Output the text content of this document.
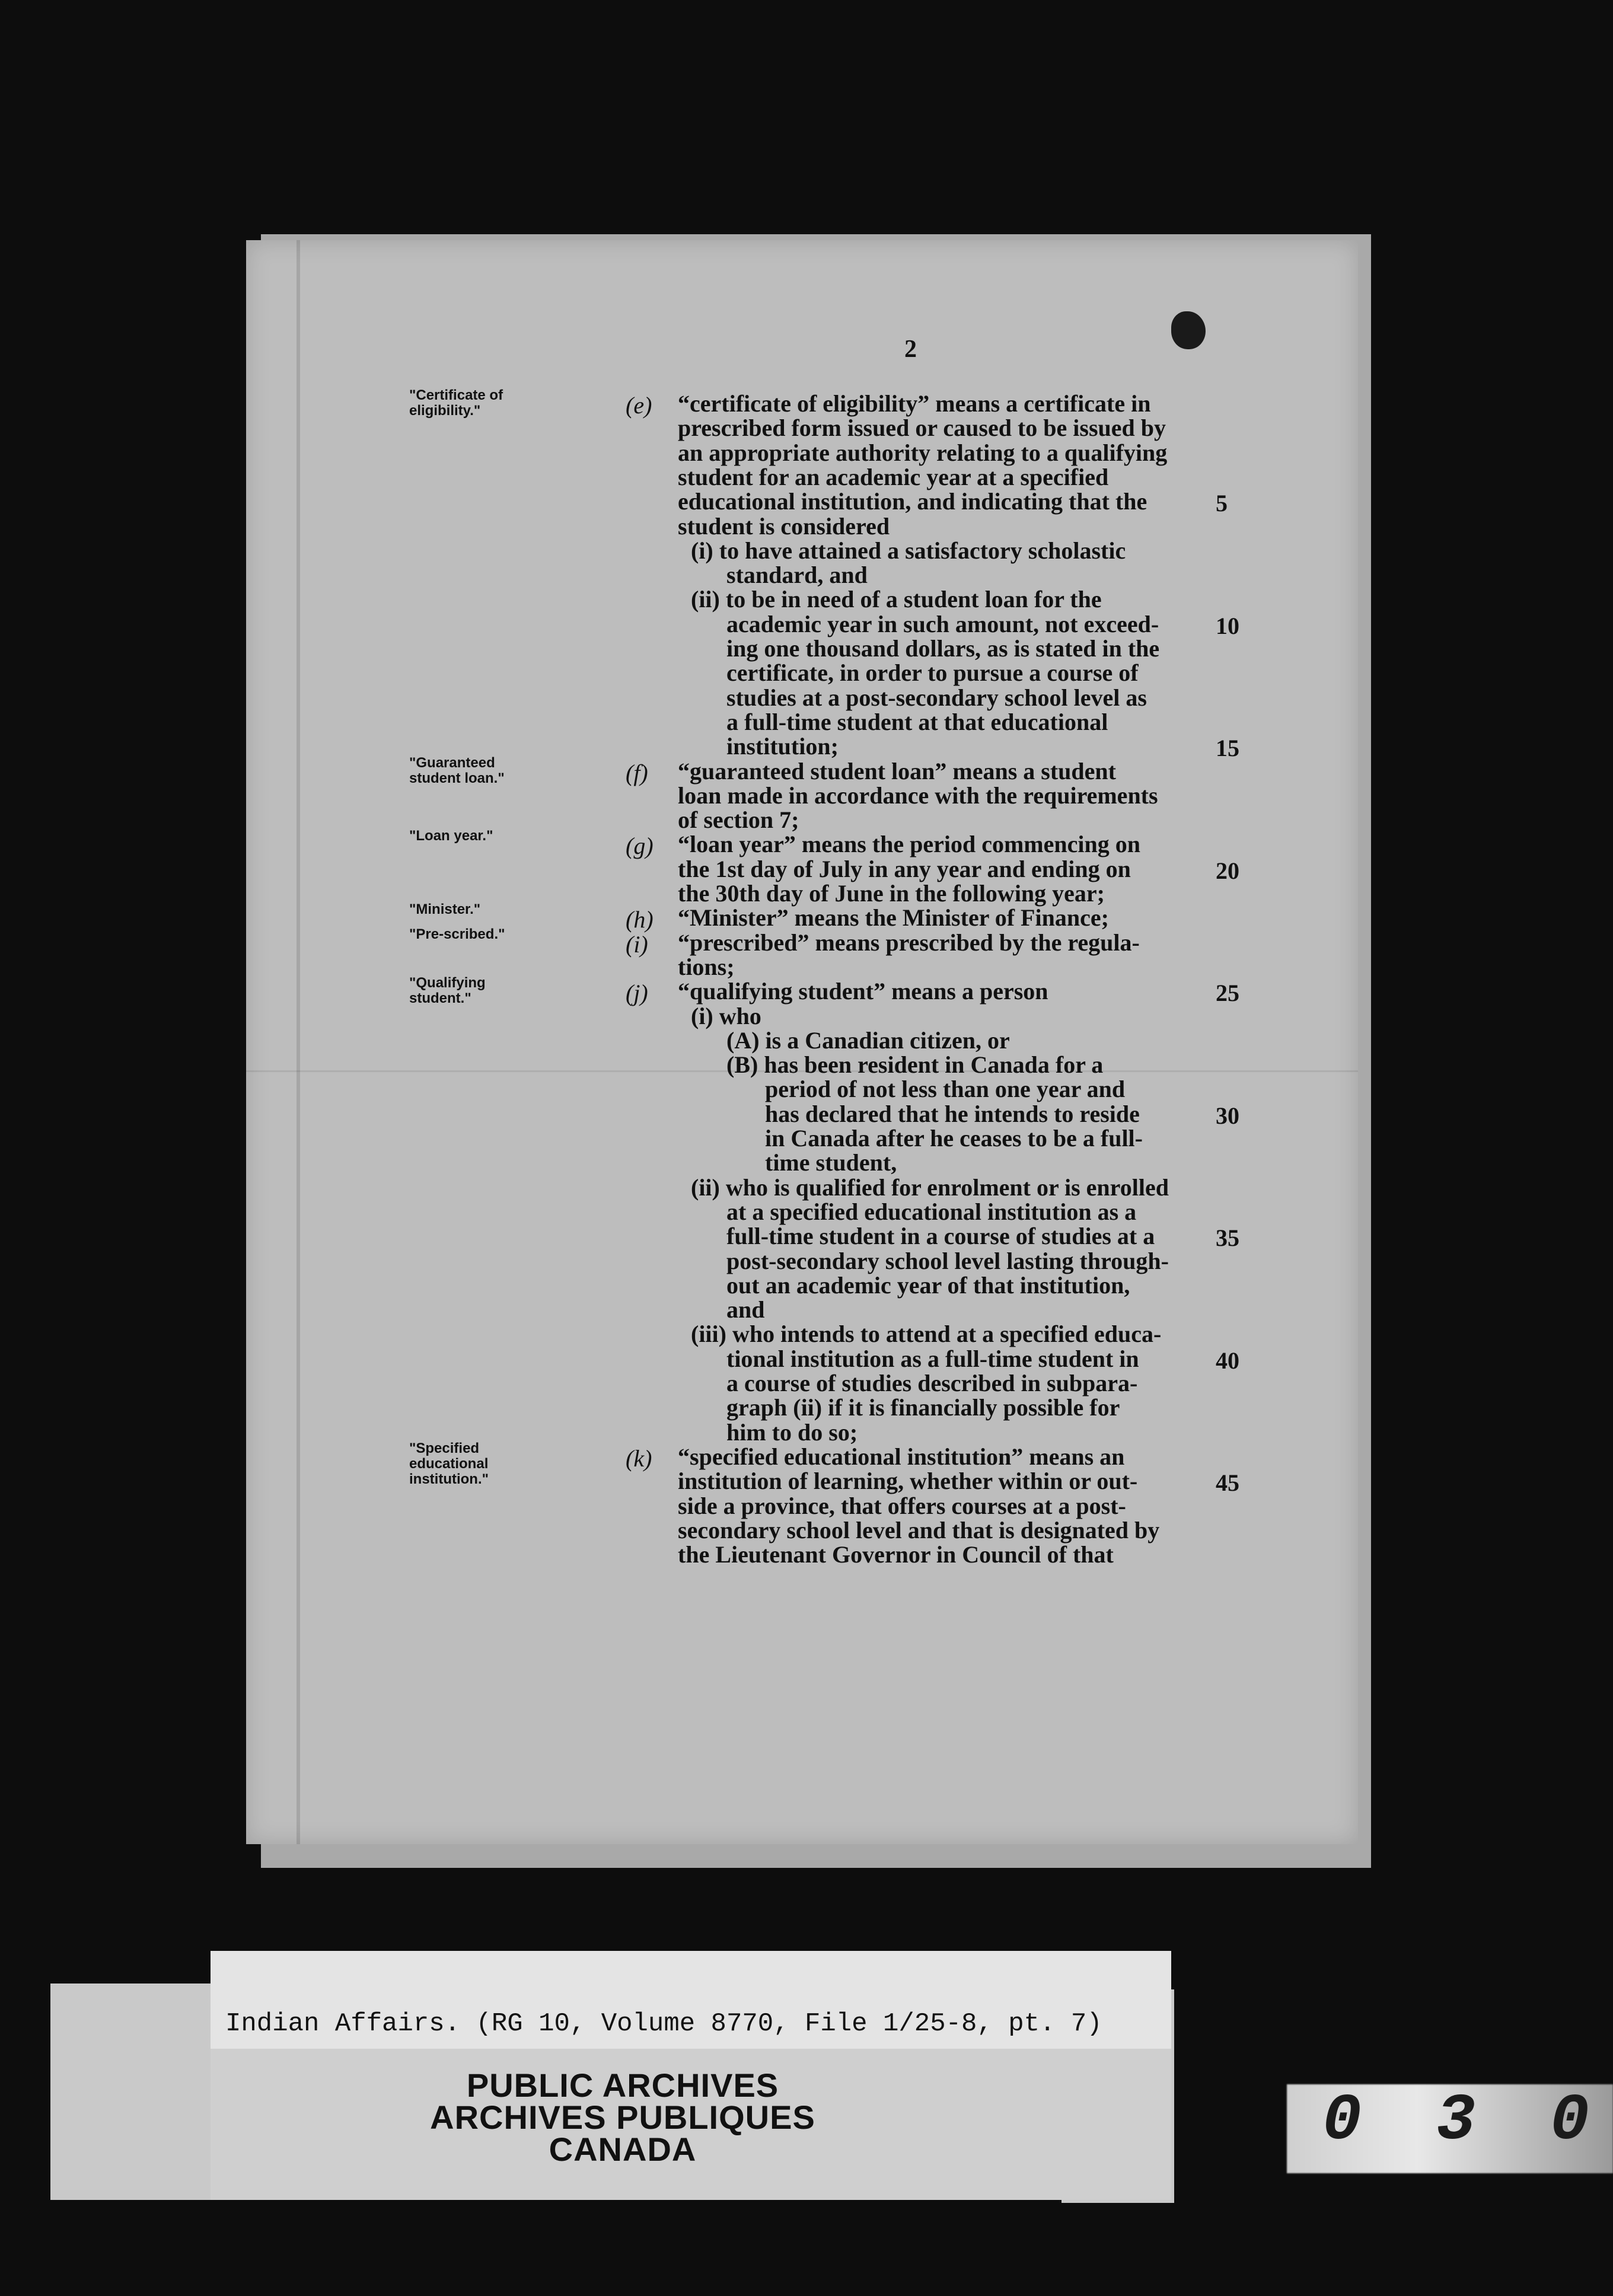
2
"Certificate of eligibility."	(e) “certificate of eligibility” means a certificate in
prescribed form issued or caused to be issued by
an appropriate authority relating to a qualifying
student for an academic year at a specified
educational institution, and indicating that the
student is considered
(i) to have attained a satisfactory scholastic
standard, and
(ii) to be in need of a student loan for the
academic year in such amount, not exceed-
ing one thousand dollars, as is stated in the
certificate, in order to pursue a course of
studies at a post-secondary school level as
a full-time student at that educational
institution;
"Guaranteed student loan."	(f) “guaranteed student loan” means a student
loan made in accordance with the requirements
of section 7;
"Loan year."	(g) “loan year” means the period commencing on
the 1st day of July in any year and ending on
the 30th day of June in the following year;
"Minister."	(h) “Minister” means the Minister of Finance;
"Pre-scribed."	(i) “prescribed” means prescribed by the regula-
tions;
"Qualifying student."	(j) “qualifying student” means a person
(i) who
(A) is a Canadian citizen, or
(B) has been resident in Canada for a
period of not less than one year and
has declared that he intends to reside
in Canada after he ceases to be a full-
time student,
(ii) who is qualified for enrolment or is enrolled
at a specified educational institution as a
full-time student in a course of studies at a
post-secondary school level lasting through-
out an academic year of that institution,
and
(iii) who intends to attend at a specified educa-
tional institution as a full-time student in
a course of studies described in subpara-
graph (ii) if it is financially possible for
him to do so;
"Specified educational institution."
(k) “specified educational institution” means an
institution of learning, whether within or out-
side a province, that offers courses at a post-
secondary school level and that is designated by
the Lieutenant Governor in Council of that
5
10
15
20
25
30
35
40
45
Indian Affairs. (RG 10, Volume 8770, File 1/25-8, pt. 7)
PUBLIC ARCHIVES
ARCHIVES PUBLIQUES
CANADA	0 3 0
